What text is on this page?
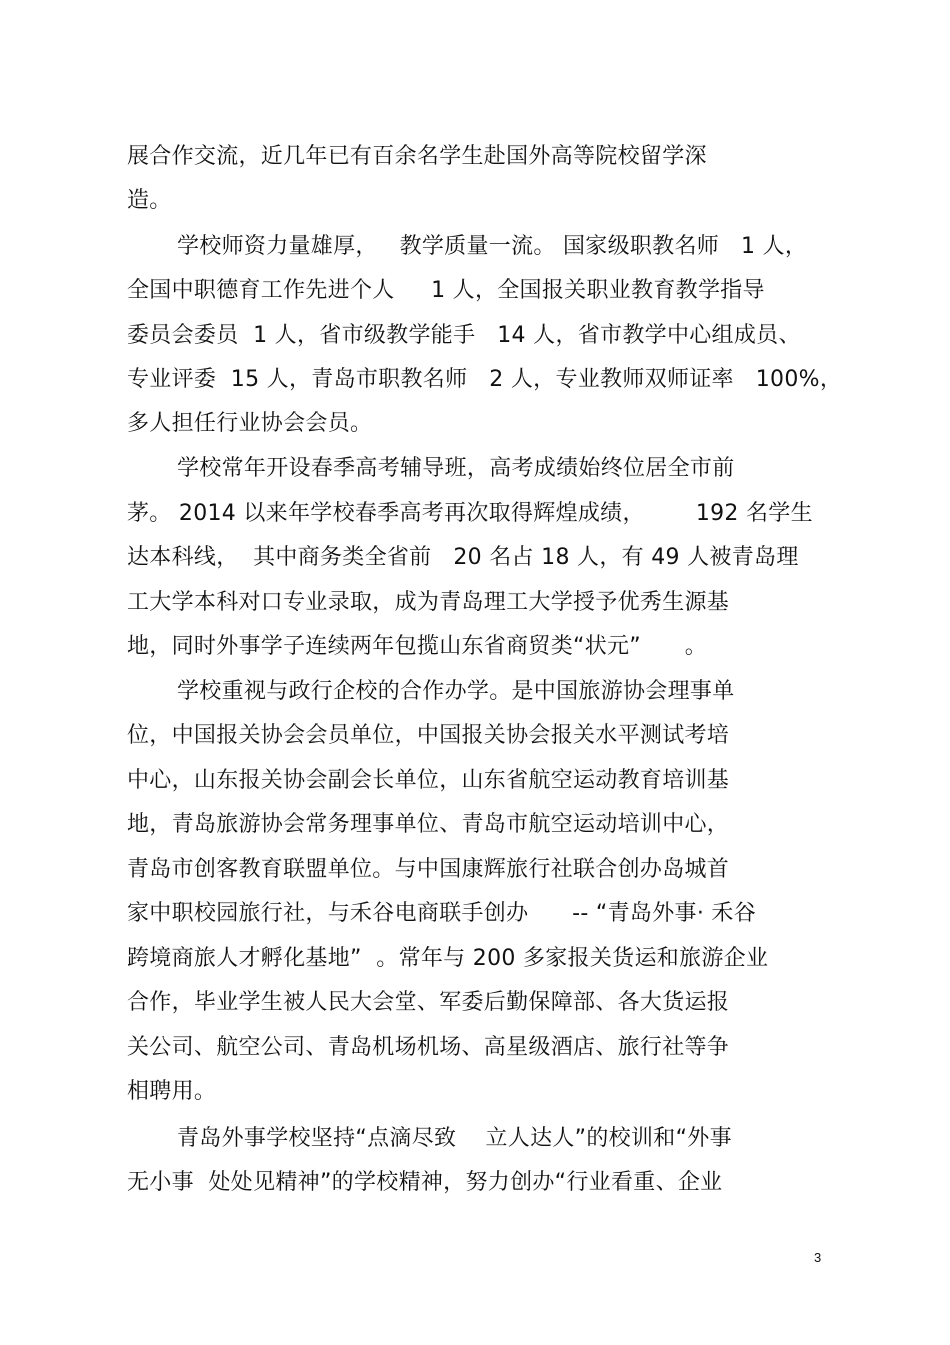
展合作交流，近几年已有百余名学生赴国外高等院校留学深
造。
学校师资力量雄厚，   教学质量一流。 国家级职教名师   1 人，
全国中职德育工作先进个人     1 人，全国报关职业教育教学指导
委员会委员  1 人，省市级教学能手   14 人，省市教学中心组成员、
专业评委  15 人，青岛市职教名师   2 人，专业教师双师证率   100%，
多人担任行业协会会员。
学校常年开设春季高考辅导班，高考成绩始终位居全市前
茅。 2014 以来年学校春季高考再次取得辉煌成绩，       192 名学生
达本科线，  其中商务类全省前   20 名占 18 人，有 49 人被青岛理
工大学本科对口专业录取，成为青岛理工大学授予优秀生源基
地，同时外事学子连续两年包揽山东省商贸类“状元”      。
学校重视与政行企校的合作办学。是中国旅游协会理事单
位，中国报关协会会员单位，中国报关协会报关水平测试考培
中心，山东报关协会副会长单位，山东省航空运动教育培训基
地，青岛旅游协会常务理事单位、青岛市航空运动培训中心，
青岛市创客教育联盟单位。与中国康辉旅行社联合创办岛城首
家中职校园旅行社，与禾谷电商联手创办      -- “青岛外事· 禾谷
跨境商旅人才孵化基地”  。常年与 200 多家报关货运和旅游企业
合作，毕业学生被人民大会堂、军委后勤保障部、各大货运报
关公司、航空公司、青岛机场机场、高星级酒店、旅行社等争
相聘用。
青岛外事学校坚持“点滴尽致    立人达人”的校训和“外事
无小事  处处见精神”的学校精神，努力创办“行业看重、企业
3
